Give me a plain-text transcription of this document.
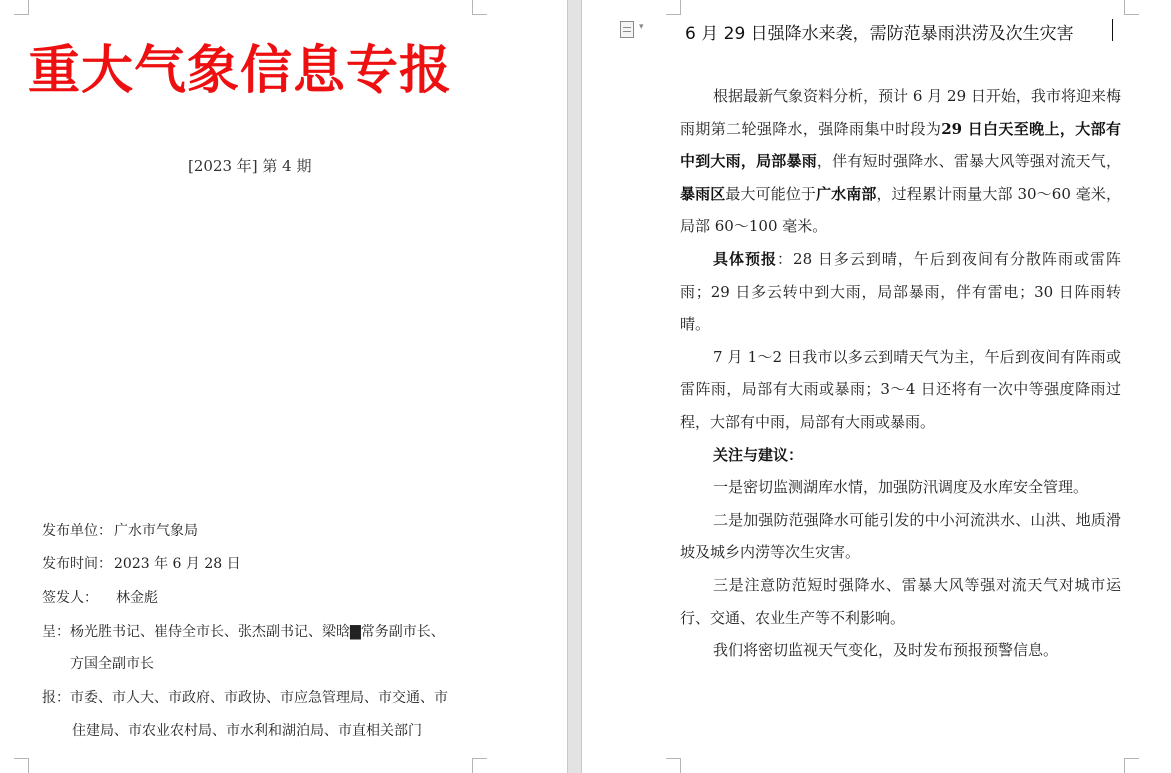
重大气象信息专报
[2023 年] 第 4 期
发布单位： 广水市气象局
发布时间： 2023 年 6 月 28 日
签发人： 林金彪
呈：杨光胜书记、崔侍全市长、张杰副书记、梁晗▇常务副市长、
方国全副市长
报：市委、市人大、市政府、市政协、市应急管理局、市交通、市
住建局、市农业农村局、市水利和湖泊局、市直相关部门
▾ 6 月 29 日强降水来袭，需防范暴雨洪涝及次生灾害

根据最新气象资料分析，预计 6 月 29 日开始，我市将迎来梅雨期第二轮强降水，强降雨集中时段为29 日白天至晚上，大部有中到大雨，局部暴雨，伴有短时强降水、雷暴大风等强对流天气，暴雨区最大可能位于广水南部，过程累计雨量大部 30～60 毫米，局部 60～100 毫米。

具体预报：28 日多云到晴，午后到夜间有分散阵雨或雷阵雨；29 日多云转中到大雨，局部暴雨，伴有雷电；30 日阵雨转晴。

7 月 1～2 日我市以多云到晴天气为主，午后到夜间有阵雨或雷阵雨，局部有大雨或暴雨；3～4 日还将有一次中等强度降雨过程，大部有中雨，局部有大雨或暴雨。

关注与建议：

一是密切监测湖库水情，加强防汛调度及水库安全管理。

二是加强防范强降水可能引发的中小河流洪水、山洪、地质滑坡及城乡内涝等次生灾害。

三是注意防范短时强降水、雷暴大风等强对流天气对城市运行、交通、农业生产等不利影响。

我们将密切监视天气变化，及时发布预报预警信息。
